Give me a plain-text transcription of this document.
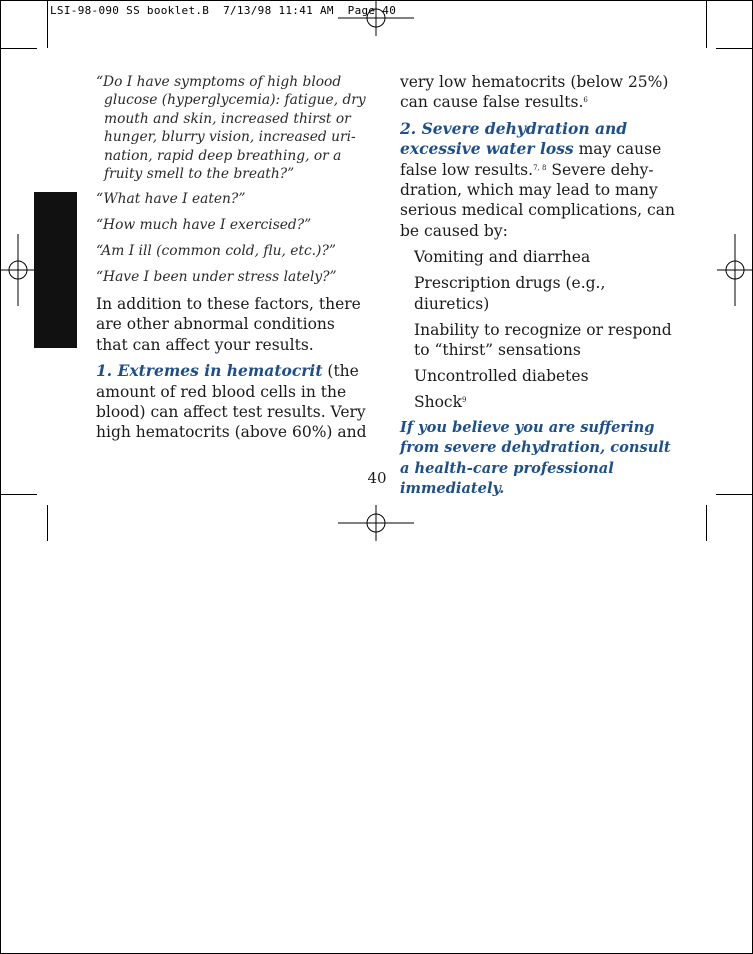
LSI-98-090 SS booklet.B  7/13/98 11:41 AM  Page 40

“Do I have symptoms of high blood glucose (hyperglycemia): fatigue, dry mouth and skin, increased thirst or hunger, blurry vision, increased uri-nation, rapid deep breathing, or a fruity smell to the breath?”

“What have I eaten?”

“How much have I exercised?”

“Am I ill (common cold, flu, etc.)?”

“Have I been under stress lately?”

In addition to these factors, there are other abnormal conditions that can affect your results.

1. Extremes in hematocrit (the amount of red blood cells in the blood) can affect test results. Very high hematocrits (above 60%) and

very low hematocrits (below 25%) can cause false results.$^6$

2. Severe dehydration and excessive water loss may cause false low results.$^{7, 8}$ Severe dehy-dration, which may lead to many serious medical complications, can be caused by:

Vomiting and diarrhea
Prescription drugs (e.g., diuretics)
Inability to recognize or respond to “thirst” sensations
Uncontrolled diabetes
Shock$^9$

If you believe you are suffering from severe dehydration, consult a health-care professional immediately.

40
